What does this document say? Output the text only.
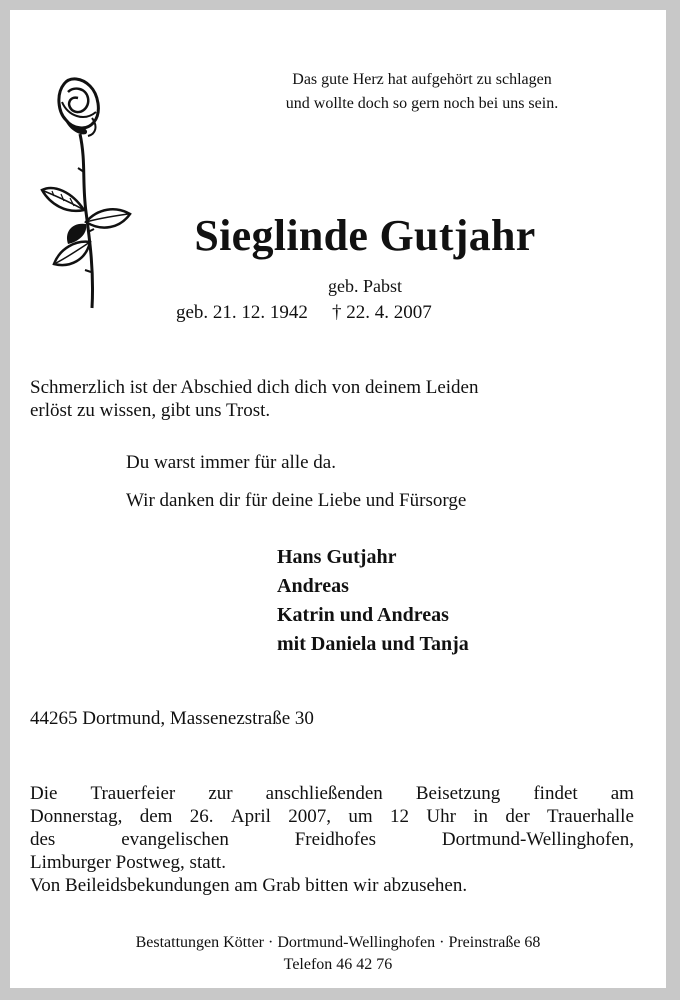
Das gute Herz hat aufgehört zu schlagen
und wollte doch so gern noch bei uns sein.
Sieglinde Gutjahr
geb. Pabst
geb. 21. 12. 1942 † 22. 4. 2007
Schmerzlich ist der Abschied dich dich von deinem Leiden
erlöst zu wissen, gibt uns Trost.
Du warst immer für alle da.
Wir danken dir für deine Liebe und Fürsorge
Hans Gutjahr
Andreas
Katrin und Andreas
mit Daniela und Tanja
44265 Dortmund, Massenezstraße 30
Die Trauerfeier zur anschließenden Beisetzung findet am
Donnerstag, dem 26. April 2007, um 12 Uhr in der Trauerhalle
des	evangelischen	Freidhofes	Dortmund-Wellinghofen,
Limburger Postweg, statt.
Von Beileidsbekundungen am Grab bitten wir abzusehen.
Bestattungen Kötter · Dortmund-Wellinghofen · Preinstraße 68
Telefon 46 42 76
